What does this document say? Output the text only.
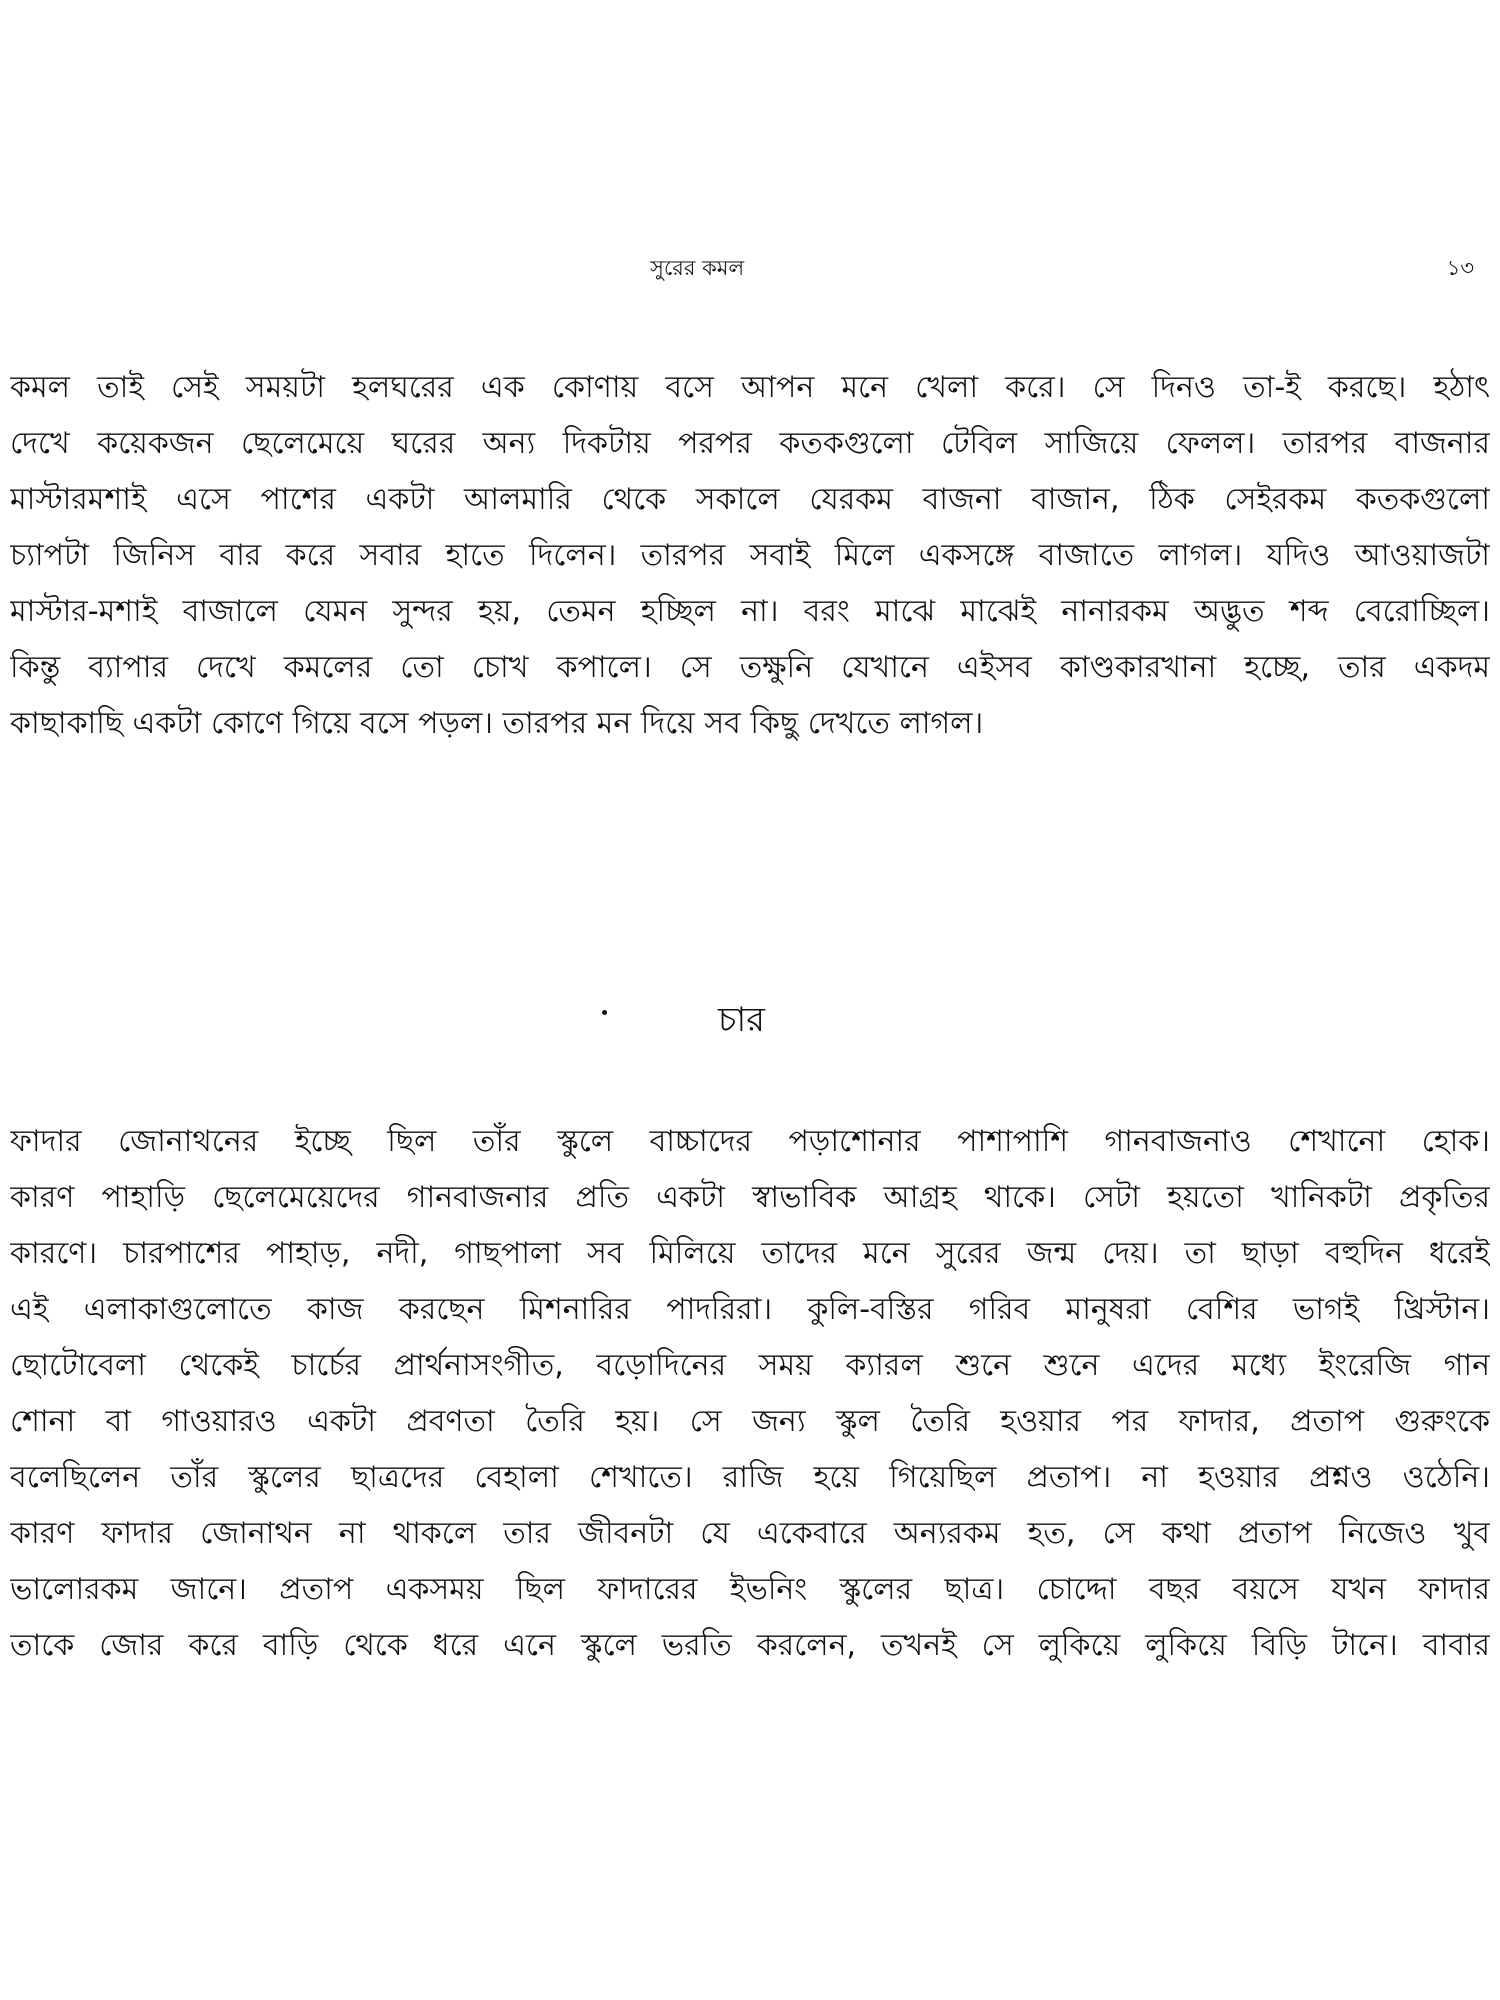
সুরের কমল	১৩
কমল তাই সেই সময়টা হলঘরের এক কোণায় বসে আপন মনে খেলা করে। সে দিনও তা-ই করছে। হঠাৎ
দেখে কয়েকজন ছেলেমেয়ে ঘরের অন্য দিকটায় পরপর কতকগুলো টেবিল সাজিয়ে ফেলল। তারপর বাজনার
মাস্টারমশাই এসে পাশের একটা আলমারি থেকে সকালে যেরকম বাজনা বাজান, ঠিক সেইরকম কতকগুলো
চ্যাপটা জিনিস বার করে সবার হাতে দিলেন। তারপর সবাই মিলে একসঙ্গে বাজাতে লাগল। যদিও আওয়াজটা
মাস্টার-মশাই বাজালে যেমন সুন্দর হয়, তেমন হচ্ছিল না। বরং মাঝে মাঝেই নানারকম অদ্ভুত শব্দ বেরোচ্ছিল।
কিন্তু ব্যাপার দেখে কমলের তো চোখ কপালে। সে তক্ষুনি যেখানে এইসব কাণ্ডকারখানা হচ্ছে, তার একদম
কাছাকাছি একটা কোণে গিয়ে বসে পড়ল। তারপর মন দিয়ে সব কিছু দেখতে লাগল।
চার
ফাদার জোনাথনের ইচ্ছে ছিল তাঁর স্কুলে বাচ্চাদের পড়াশোনার পাশাপাশি গানবাজনাও শেখানো হোক।
কারণ পাহাড়ি ছেলেমেয়েদের গানবাজনার প্রতি একটা স্বাভাবিক আগ্রহ থাকে। সেটা হয়তো খানিকটা প্রকৃতির
কারণে। চারপাশের পাহাড়, নদী, গাছপালা সব মিলিয়ে তাদের মনে সুরের জন্ম দেয়। তা ছাড়া বহুদিন ধরেই
এই এলাকাগুলোতে কাজ করছেন মিশনারির পাদরিরা। কুলি-বস্তির গরিব মানুষরা বেশির ভাগই খ্রিস্টান।
ছোটোবেলা থেকেই চার্চের প্রার্থনাসংগীত, বড়োদিনের সময় ক্যারল শুনে শুনে এদের মধ্যে ইংরেজি গান
শোনা বা গাওয়ারও একটা প্রবণতা তৈরি হয়। সে জন্য স্কুল তৈরি হওয়ার পর ফাদার, প্রতাপ গুরুংকে
বলেছিলেন তাঁর স্কুলের ছাত্রদের বেহালা শেখাতে। রাজি হয়ে গিয়েছিল প্রতাপ। না হওয়ার প্রশ্নও ওঠেনি।
কারণ ফাদার জোনাথন না থাকলে তার জীবনটা যে একেবারে অন্যরকম হত, সে কথা প্রতাপ নিজেও খুব
ভালোরকম জানে। প্রতাপ একসময় ছিল ফাদারের ইভনিং স্কুলের ছাত্র। চোদ্দো বছর বয়সে যখন ফাদার
তাকে জোর করে বাড়ি থেকে ধরে এনে স্কুলে ভরতি করলেন, তখনই সে লুকিয়ে লুকিয়ে বিড়ি টানে। বাবার
